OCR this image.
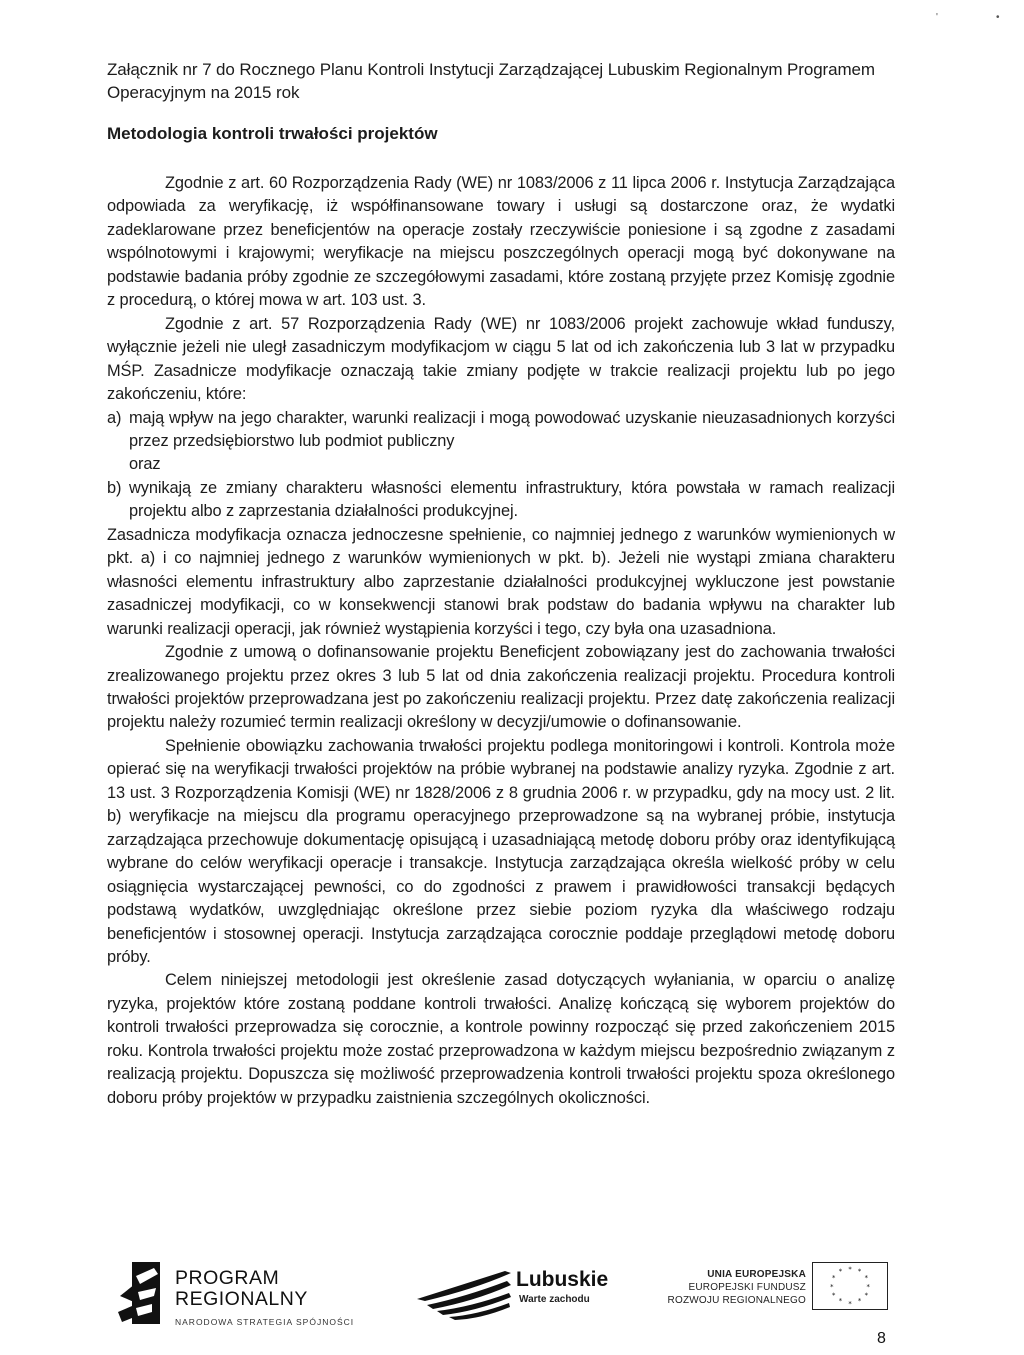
'	•
Załącznik nr 7 do Rocznego Planu Kontroli Instytucji Zarządzającej Lubuskim Regionalnym Programem
Operacyjnym na 2015 rok
Metodologia kontroli trwałości projektów

Zgodnie z art. 60 Rozporządzenia Rady (WE) nr 1083/2006 z 11 lipca 2006 r. Instytucja Zarządzająca odpowiada za weryfikację, iż współfinansowane towary i usługi są dostarczone oraz, że wydatki zadeklarowane przez beneficjentów na operacje zostały rzeczywiście poniesione i są zgodne z zasadami wspólnotowymi i krajowymi; weryfikacje na miejscu poszczególnych operacji mogą być dokonywane na podstawie badania próby zgodnie ze szczegółowymi zasadami, które zostaną przyjęte przez Komisję zgodnie z procedurą, o której mowa w art. 103 ust. 3.

Zgodnie z art. 57 Rozporządzenia Rady (WE) nr 1083/2006 projekt zachowuje wkład funduszy, wyłącznie jeżeli nie uległ zasadniczym modyfikacjom w ciągu 5 lat od ich zakończenia lub 3 lat w przypadku MŚP. Zasadnicze modyfikacje oznaczają takie zmiany podjęte w trakcie realizacji projektu lub po jego zakończeniu, które:

a) mają wpływ na jego charakter, warunki realizacji i mogą powodować uzyskanie nieuzasadnionych korzyści przez przedsiębiorstwo lub podmiot publiczny
oraz
b) wynikają ze zmiany charakteru własności elementu infrastruktury, która powstała w ramach realizacji projektu albo z zaprzestania działalności produkcyjnej.

Zasadnicza modyfikacja oznacza jednoczesne spełnienie, co najmniej jednego z warunków wymienionych w pkt. a) i co najmniej jednego z warunków wymienionych w pkt. b). Jeżeli nie wystąpi zmiana charakteru własności elementu infrastruktury albo zaprzestanie działalności produkcyjnej wykluczone jest powstanie zasadniczej modyfikacji, co w konsekwencji stanowi brak podstaw do badania wpływu na charakter lub warunki realizacji operacji, jak również wystąpienia korzyści i tego, czy była ona uzasadniona.

Zgodnie z umową o dofinansowanie projektu Beneficjent zobowiązany jest do zachowania trwałości zrealizowanego projektu przez okres 3 lub 5 lat od dnia zakończenia realizacji projektu. Procedura kontroli trwałości projektów przeprowadzana jest po zakończeniu realizacji projektu. Przez datę zakończenia realizacji projektu należy rozumieć termin realizacji określony w decyzji/umowie o dofinansowanie.

Spełnienie obowiązku zachowania trwałości projektu podlega monitoringowi i kontroli. Kontrola może opierać się na weryfikacji trwałości projektów na próbie wybranej na podstawie analizy ryzyka. Zgodnie z art. 13 ust. 3 Rozporządzenia Komisji (WE) nr 1828/2006 z 8 grudnia 2006 r. w przypadku, gdy na mocy ust. 2 lit. b) weryfikacje na miejscu dla programu operacyjnego przeprowadzone są na wybranej próbie, instytucja zarządzająca przechowuje dokumentację opisującą i uzasadniającą metodę doboru próby oraz identyfikującą wybrane do celów weryfikacji operacje i transakcje. Instytucja zarządzająca określa wielkość próby w celu osiągnięcia wystarczającej pewności, co do zgodności z prawem i prawidłowości transakcji będących podstawą wydatków, uwzględniając określone przez siebie poziom ryzyka dla właściwego rodzaju beneficjentów i stosownej operacji. Instytucja zarządzająca corocznie poddaje przeglądowi metodę doboru próby.

Celem niniejszej metodologii jest określenie zasad dotyczących wyłaniania, w oparciu o analizę ryzyka, projektów które zostaną poddane kontroli trwałości. Analizę kończącą się wyborem projektów do kontroli trwałości przeprowadza się corocznie, a kontrole powinny rozpocząć się przed zakończeniem 2015 roku. Kontrola trwałości projektu może zostać przeprowadzona w każdym miejscu bezpośrednio związanym z realizacją projektu. Dopuszcza się możliwość przeprowadzenia kontroli trwałości projektu spoza określonego doboru próby projektów w przypadku zaistnienia szczególnych okoliczności.

PROGRAM
REGIONALNY
NARODOWA STRATEGIA SPÓJNOŚCI
Lubuskie
Warte zachodu
UNIA EUROPEJSKA
EUROPEJSKI FUNDUSZ
ROZWOJU REGIONALNEGO
* *
*
*
*
*
*
*
*
*
*
*
8
